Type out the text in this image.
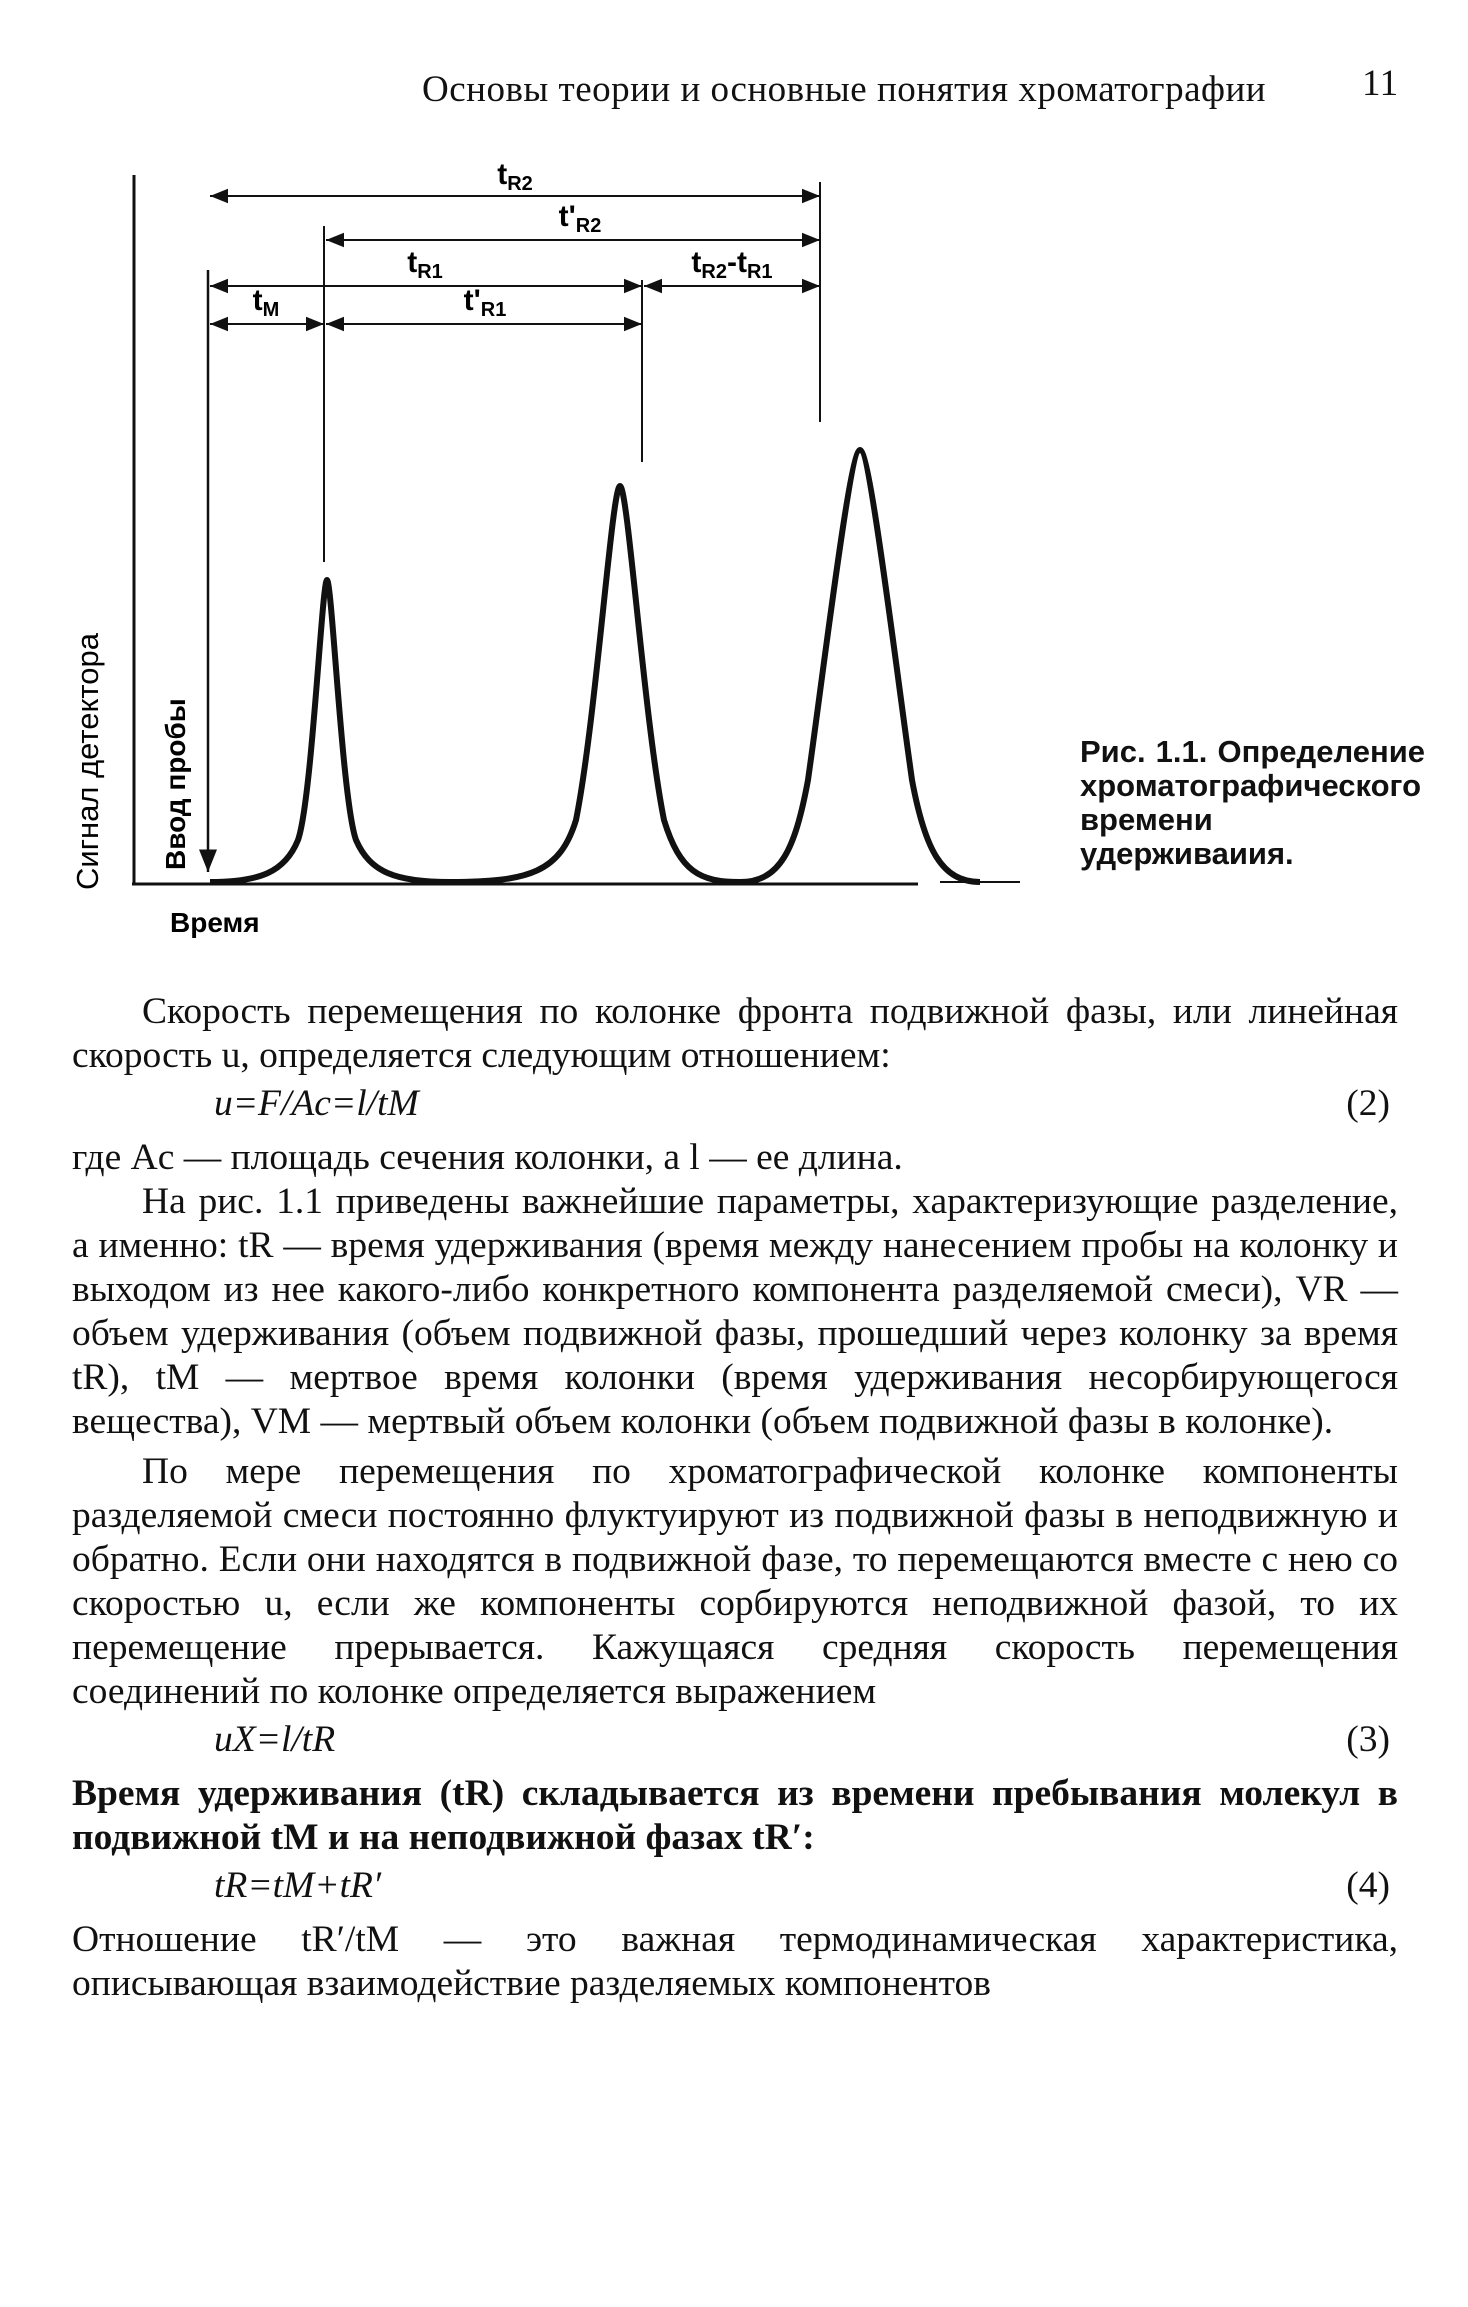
Основы теории и основные понятия хроматографии	11
$t_{R2}$
$t'_{R2}$
$t_{R1}$	$t_{R2}-t_{R1}$
$t_M$	$t'_{R1}$
Сигнал детектора Ввод пробы
Время
Рис. 1.1. Определение хроматографического времени удерживаиия.

Скорость перемещения по колонке фронта подвижной фазы, или линейная скорость u, определяется следующим отношением:

u=F/Aс=l/tM	(2)

где Aс — площадь сечения колонки, а l — ее длина.

На рис. 1.1 приведены важнейшие параметры, характеризующие разделение, а именно: tR — время удерживания (время между нанесением пробы на колонку и выходом из нее какого-либо конкретного компонента разделяемой смеси), VR — объем удерживания (объем подвижной фазы, прошедший через колонку за время tR), tM — мертвое время колонки (время удерживания несорбирующегося вещества), VM — мертвый объем колонки (объем подвижной фазы в колонке).

По мере перемещения по хроматографической колонке компоненты разделяемой смеси постоянно флуктуируют из подвижной фазы в неподвижную и обратно. Если они находятся в подвижной фазе, то перемещаются вместе с нею со скоростью u, если же компоненты сорбируются неподвижной фазой, то их перемещение прерывается. Кажущаяся средняя скорость перемещения соединений по колонке определяется выражением

uX=l/tR	(3)

Время удерживания (tR) складывается из времени пребывания молекул в подвижной tM и на неподвижной фазах tR′:

tR=tM+tR′	(4)

Отношение tR′/tM — это важная термодинамическая характеристика, описывающая взаимодействие разделяемых компонентов
